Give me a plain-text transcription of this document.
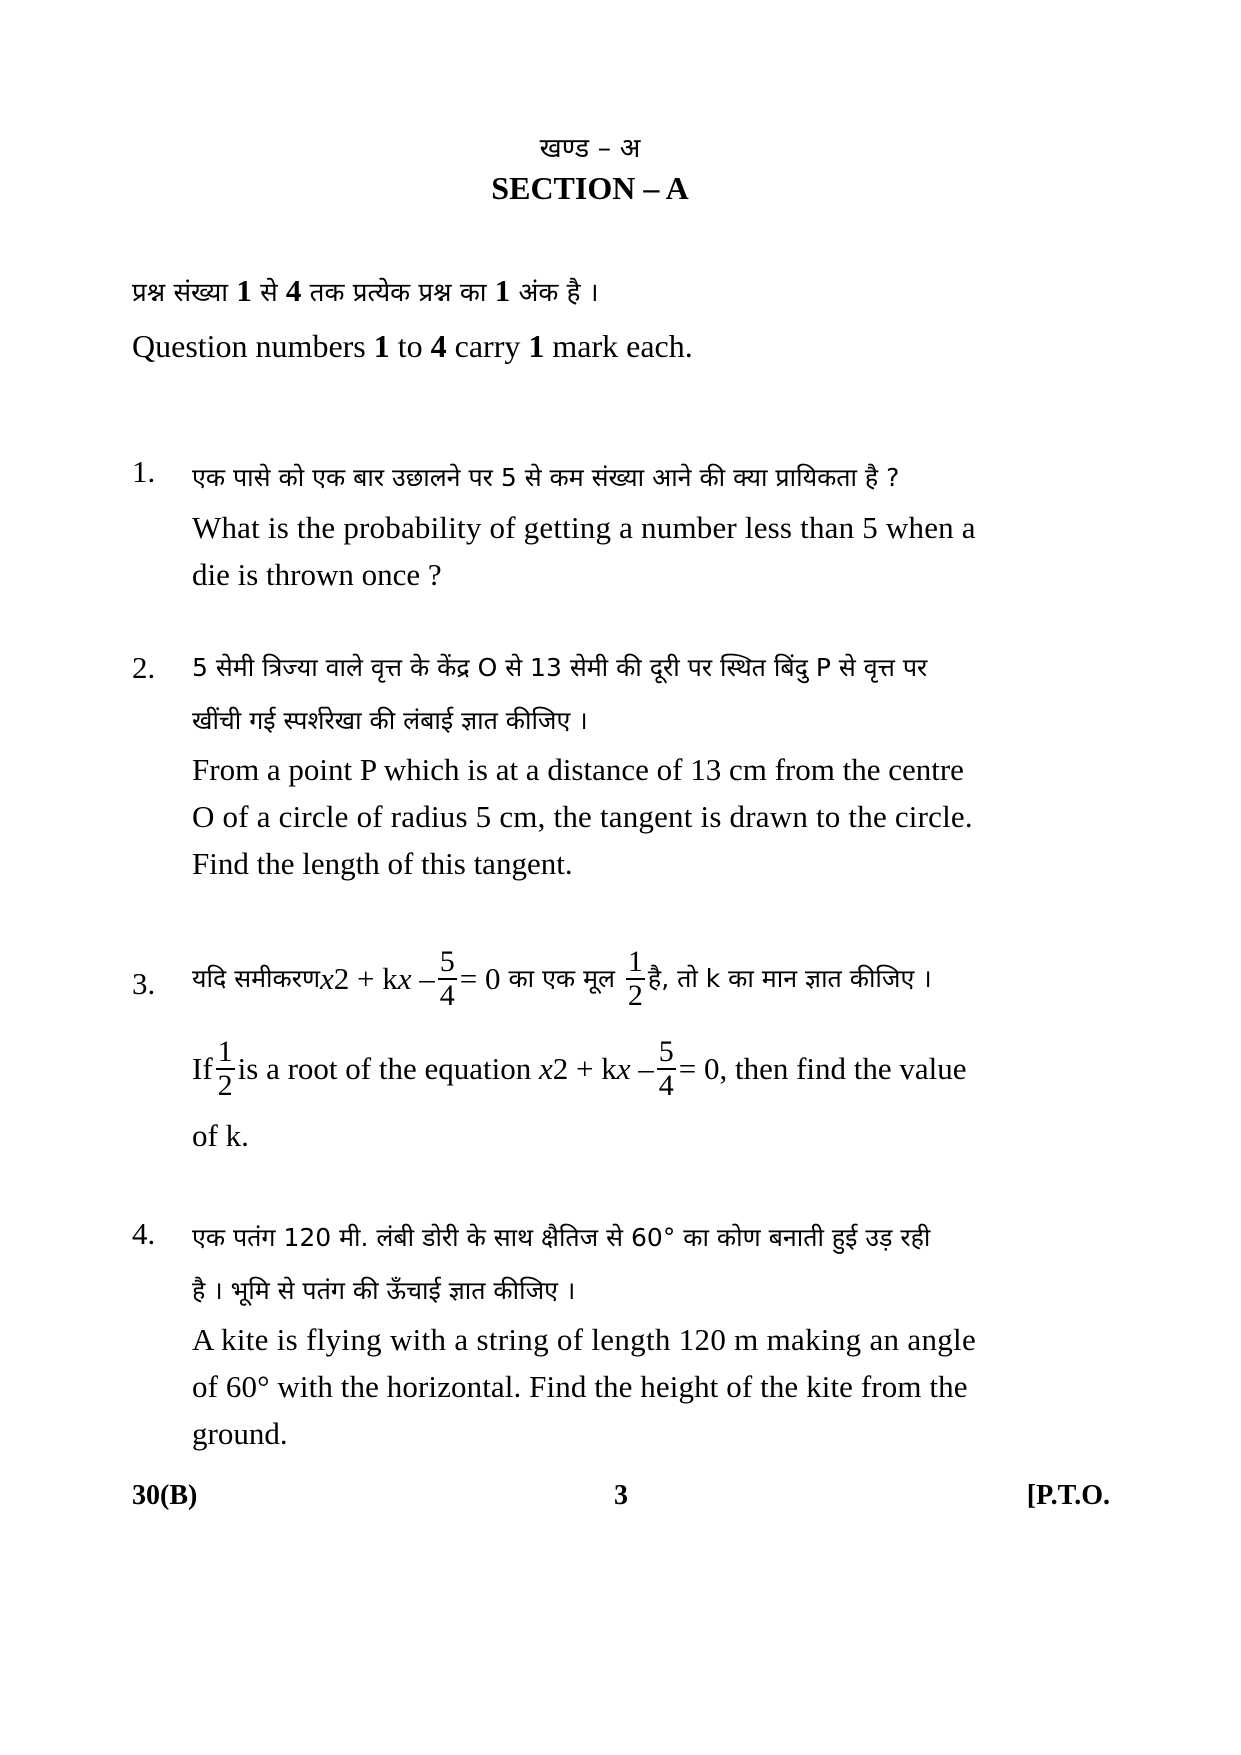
खण्ड – अ
SECTION – A
प्रश्न संख्या 1 से 4 तक प्रत्येक प्रश्न का 1 अंक है ।
Question numbers 1 to 4 carry 1 mark each.
1. एक पासे को एक बार उछालने पर 5 से कम संख्या आने की क्या प्रायिकता है ?
What is the probability of getting a number less than 5 when a
die is thrown once ?
2. 5 सेमी त्रिज्या वाले वृत्त के केंद्र O से 13 सेमी की दूरी पर स्थित बिंदु P से वृत्त पर
खींची गई स्पर्शरेखा की लंबाई ज्ञात कीजिए ।
From a point P which is at a distance of 13 cm from the centre
O of a circle of radius 5 cm, the tangent is drawn to the circle.
Find the length of this tangent.
3. यदि समीकरण x 2 + k $x - \frac{5}{4} = 0$ का एक मूल $\frac{1}{2}$ है, तो k का मान ज्ञात कीजिए ।
If $\frac{1}{2}$ is a root of the equation x 2 + k $x - \frac{5}{4} = 0$, then find the value
of k.
4. एक पतंग 120 मी. लंबी डोरी के साथ क्षैतिज से 60° का कोण बनाती हुई उड़ रही
है । भूमि से पतंग की ऊँचाई ज्ञात कीजिए ।
A kite is flying with a string of length 120 m making an angle
of 60° with the horizontal. Find the height of the kite from the
ground.
30(B)	3	[P.T.O.
